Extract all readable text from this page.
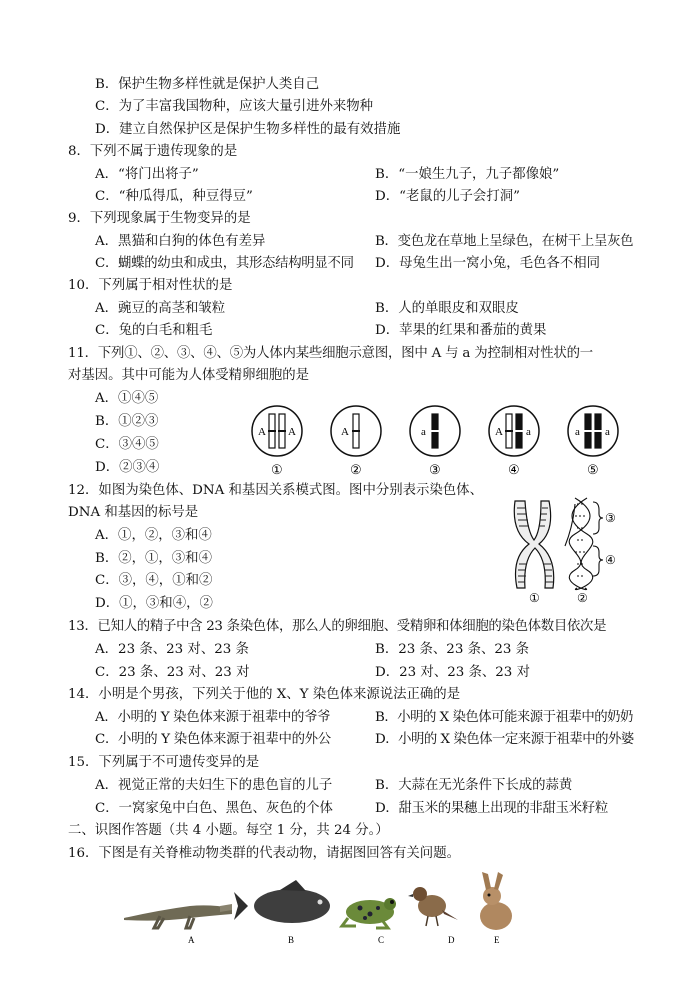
B．保护生物多样性就是保护人类自己
C．为了丰富我国物种，应该大量引进外来物种
D．建立自然保护区是保护生物多样性的最有效措施
8．下列不属于遗传现象的是
A．“将门出将子”	B．“一娘生九子，九子都像娘”
C．“种瓜得瓜，种豆得豆”	D．“老鼠的儿子会打洞”
9．下列现象属于生物变异的是
A．黑猫和白狗的体色有差异	B．变色龙在草地上呈绿色，在树干上呈灰色
C．蝴蝶的幼虫和成虫，其形态结构明显不同 D．母兔生出一窝小兔，毛色各不相同
10．下列属于相对性状的是
A．豌豆的高茎和皱粒	B．人的单眼皮和双眼皮
C．兔的白毛和粗毛	D．苹果的红果和番茄的黄果
11．下列①、②、③、④、⑤为人体内某些细胞示意图，图中 A 与 a 为控制相对性状的一
对基因。其中可能为人体受精卵细胞的是
A．①④⑤
B．①②③
C．③④⑤
D．②③④
A A
①
A
②
a
③
A a
④
a a
⑤
12．如图为染色体、DNA 和基因关系模式图。图中分别表示染色体、
DNA 和基因的标号是
A．①，②，③和④
B．②，①，③和④
C．③，④，①和②
D．①，③和④，②
③
④
①	②
13．已知人的精子中含 23 条染色体，那么人的卵细胞、受精卵和体细胞的染色体数目依次是
A．23 条、23 对、23 条	B．23 条、23 条、23 条
C．23 条、23 对、23 对	D．23 对、23 条、23 对
14．小明是个男孩，下列关于他的 X、Y 染色体来源说法正确的是
A．小明的 Y 染色体来源于祖辈中的爷爷	B．小明的 X 染色体可能来源于祖辈中的奶奶
C．小明的 Y 染色体来源于祖辈中的外公	D．小明的 X 染色体一定来源于祖辈中的外婆
15．下列属于不可遗传变异的是
A．视觉正常的夫妇生下的患色盲的儿子	B．大蒜在无光条件下长成的蒜黄
C．一窝家兔中白色、黑色、灰色的个体	D．甜玉米的果穗上出现的非甜玉米籽粒
二、识图作答题（共 4 小题。每空 1 分，共 24 分。）
16．下图是有关脊椎动物类群的代表动物，请据图回答有关问题。
A	B	C	D	E
